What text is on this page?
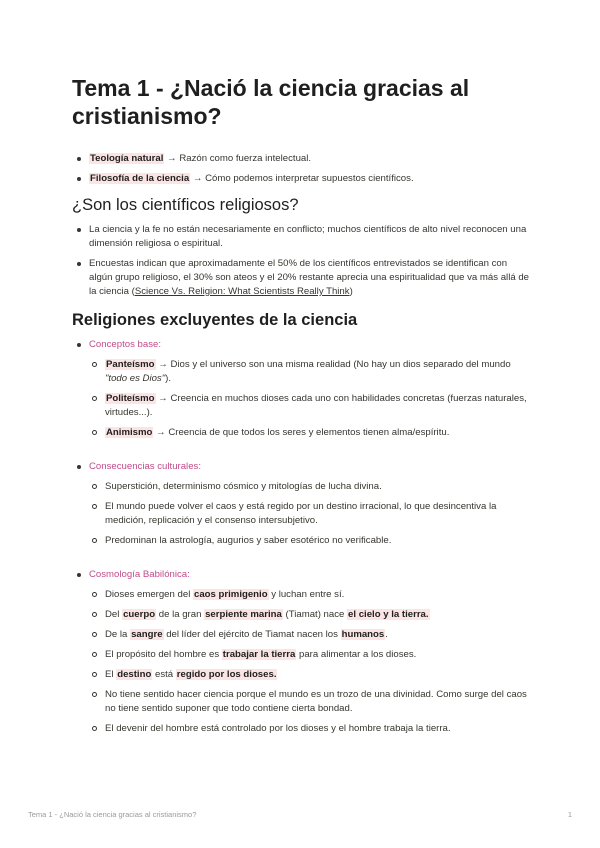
Tema 1 - ¿Nació la ciencia gracias al cristianismo?
Teología natural → Razón como fuerza intelectual.
Filosofía de la ciencia → Cómo podemos interpretar supuestos científicos.
¿Son los científicos religiosos?
La ciencia y la fe no están necesariamente en conflicto; muchos científicos de alto nivel reconocen una dimensión religiosa o espiritual.
Encuestas indican que aproximadamente el 50% de los científicos entrevistados se identifican con algún grupo religioso, el 30% son ateos y el 20% restante aprecia una espiritualidad que va más allá de la ciencia (Science Vs. Religion: What Scientists Really Think)
Religiones excluyentes de la ciencia
Conceptos base:
Panteísmo → Dios y el universo son una misma realidad (No hay un dios separado del mundo "todo es Dios").
Politeísmo → Creencia en muchos dioses cada uno con habilidades concretas (fuerzas naturales, virtudes...).
Animismo → Creencia de que todos los seres y elementos tienen alma/espíritu.
Consecuencias culturales:
Superstición, determinismo cósmico y mitologías de lucha divina.
El mundo puede volver el caos y está regido por un destino irracional, lo que desincentiva la medición, replicación y el consenso intersubjetivo.
Predominan la astrología, augurios y saber esotérico no verificable.
Cosmología Babilónica:
Dioses emergen del caos primigenio y luchan entre sí.
Del cuerpo de la gran serpiente marina (Tiamat) nace el cielo y la tierra.
De la sangre del líder del ejército de Tiamat nacen los humanos.
El propósito del hombre es trabajar la tierra para alimentar a los dioses.
El destino está regido por los dioses.
No tiene sentido hacer ciencia porque el mundo es un trozo de una divinidad. Como surge del caos no tiene sentido suponer que todo contiene cierta bondad.
El devenir del hombre está controlado por los dioses y el hombre trabaja la tierra.
Tema 1 - ¿Nació la ciencia gracias al cristianismo?	1
